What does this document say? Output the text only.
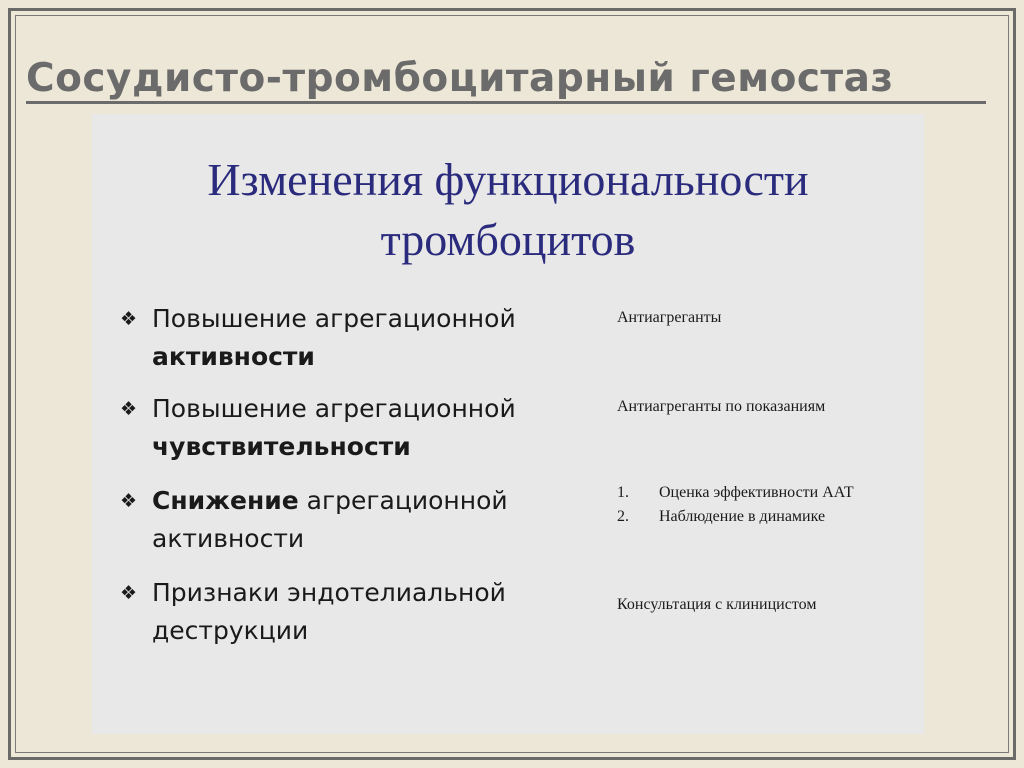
Сосудисто-тромбоцитарный гемостаз
Изменения функциональности
тромбоцитов
❖ Повышение агрегационной
активности
Антиагреганты
❖ Повышение агрегационной
чувствительности
Антиагреганты по показаниям
❖ Снижение агрегационной активности
1.	Оценка эффективности ААТ
2.	Наблюдение в динамике
❖ Признаки эндотелиальной деструкции
Консультация с клиницистом
